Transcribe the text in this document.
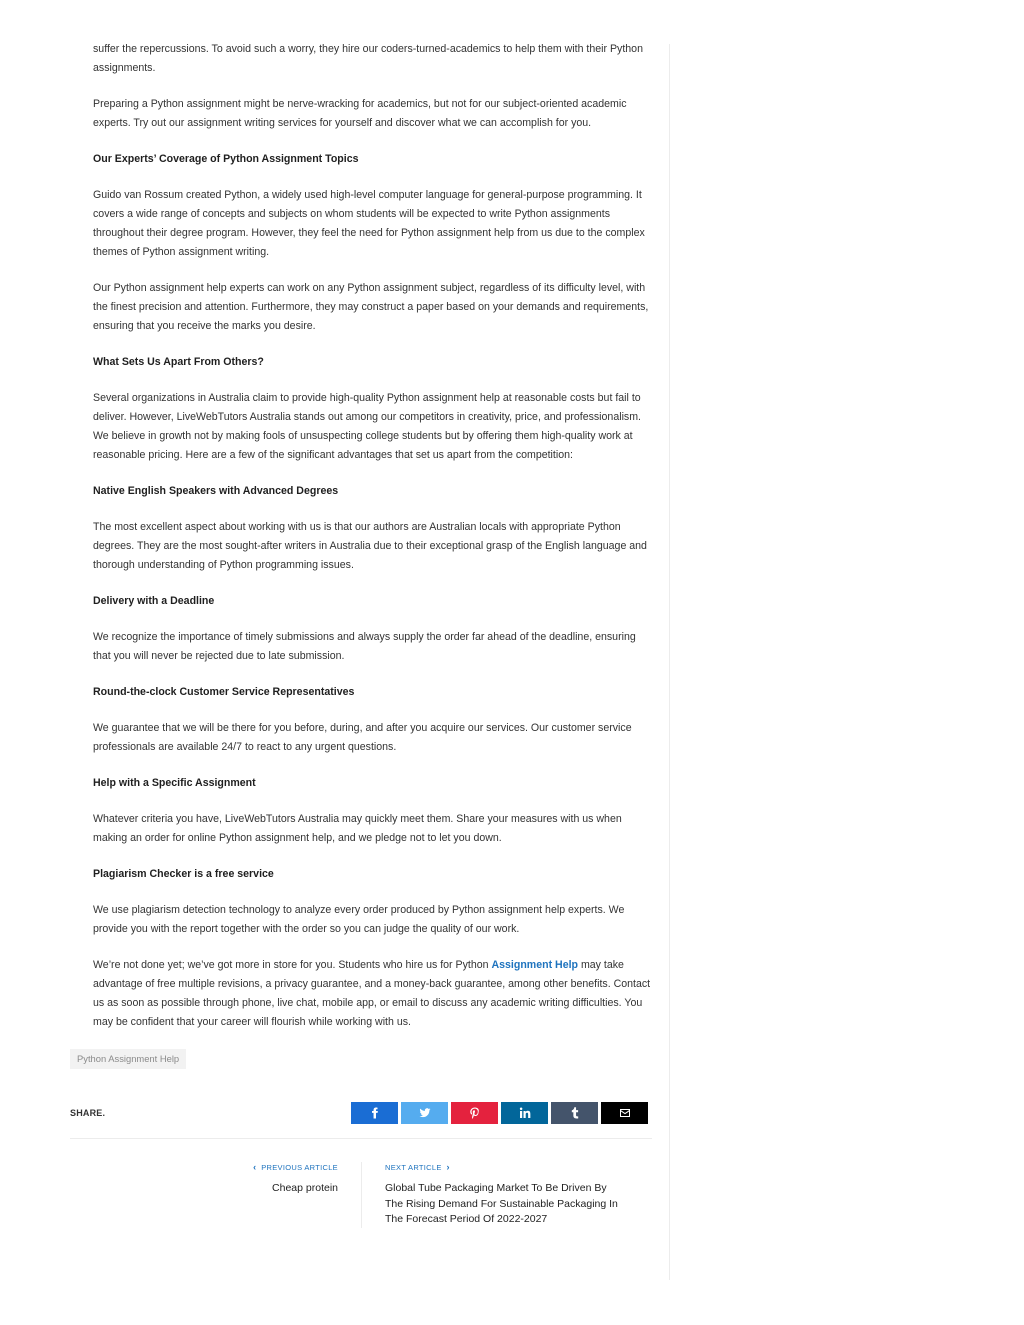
suffer the repercussions. To avoid such a worry, they hire our coders-turned-academics to help them with their Python assignments.

Preparing a Python assignment might be nerve-wracking for academics, but not for our subject-oriented academic experts. Try out our assignment writing services for yourself and discover what we can accomplish for you.

Our Experts’ Coverage of Python Assignment Topics

Guido van Rossum created Python, a widely used high-level computer language for general-purpose programming. It covers a wide range of concepts and subjects on whom students will be expected to write Python assignments throughout their degree program. However, they feel the need for Python assignment help from us due to the complex themes of Python assignment writing.

Our Python assignment help experts can work on any Python assignment subject, regardless of its difficulty level, with the finest precision and attention. Furthermore, they may construct a paper based on your demands and requirements, ensuring that you receive the marks you desire.

What Sets Us Apart From Others?

Several organizations in Australia claim to provide high-quality Python assignment help at reasonable costs but fail to deliver. However, LiveWebTutors Australia stands out among our competitors in creativity, price, and professionalism. We believe in growth not by making fools of unsuspecting college students but by offering them high-quality work at reasonable pricing. Here are a few of the significant advantages that set us apart from the competition:

Native English Speakers with Advanced Degrees

The most excellent aspect about working with us is that our authors are Australian locals with appropriate Python degrees. They are the most sought-after writers in Australia due to their exceptional grasp of the English language and thorough understanding of Python programming issues.

Delivery with a Deadline

We recognize the importance of timely submissions and always supply the order far ahead of the deadline, ensuring that you will never be rejected due to late submission.

Round-the-clock Customer Service Representatives

We guarantee that we will be there for you before, during, and after you acquire our services. Our customer service professionals are available 24/7 to react to any urgent questions.

Help with a Specific Assignment

Whatever criteria you have, LiveWebTutors Australia may quickly meet them. Share your measures with us when making an order for online Python assignment help, and we pledge not to let you down.

Plagiarism Checker is a free service

We use plagiarism detection technology to analyze every order produced by Python assignment help experts. We provide you with the report together with the order so you can judge the quality of our work.

We’re not done yet; we’ve got more in store for you. Students who hire us for Python Assignment Help may take advantage of free multiple revisions, a privacy guarantee, and a money-back guarantee, among other benefits. Contact us as soon as possible through phone, live chat, mobile app, or email to discuss any academic writing difficulties. You may be confident that your career will flourish while working with us.

Python Assignment Help
SHARE.
‹ PREVIOUS ARTICLE
Cheap protein
NEXT ARTICLE ›
Global Tube Packaging Market To Be Driven By The Rising Demand For Sustainable Packaging In The Forecast Period Of 2022-2027
